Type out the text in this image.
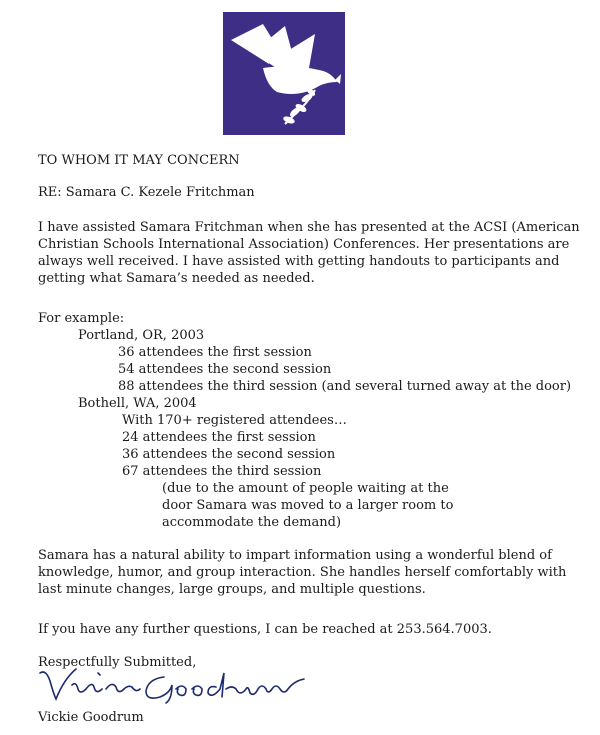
TO WHOM IT MAY CONCERN
RE: Samara C. Kezele Fritchman
I have assisted Samara Fritchman when she has presented at the ACSI (American
Christian Schools International Association) Conferences. Her presentations are
always well received. I have assisted with getting handouts to participants and
getting what Samara’s needed as needed.
For example:
Portland, OR, 2003
36 attendees the first session
54 attendees the second session
88 attendees the third session (and several turned away at the door)
Bothell, WA, 2004
With 170+ registered attendees…
24 attendees the first session
36 attendees the second session
67 attendees the third session
(due to the amount of people waiting at the
door Samara was moved to a larger room to
accommodate the demand)
Samara has a natural ability to impart information using a wonderful blend of
knowledge, humor, and group interaction. She handles herself comfortably with
last minute changes, large groups, and multiple questions.
If you have any further questions, I can be reached at 253.564.7003.
Respectfully Submitted,
Vickie Goodrum
